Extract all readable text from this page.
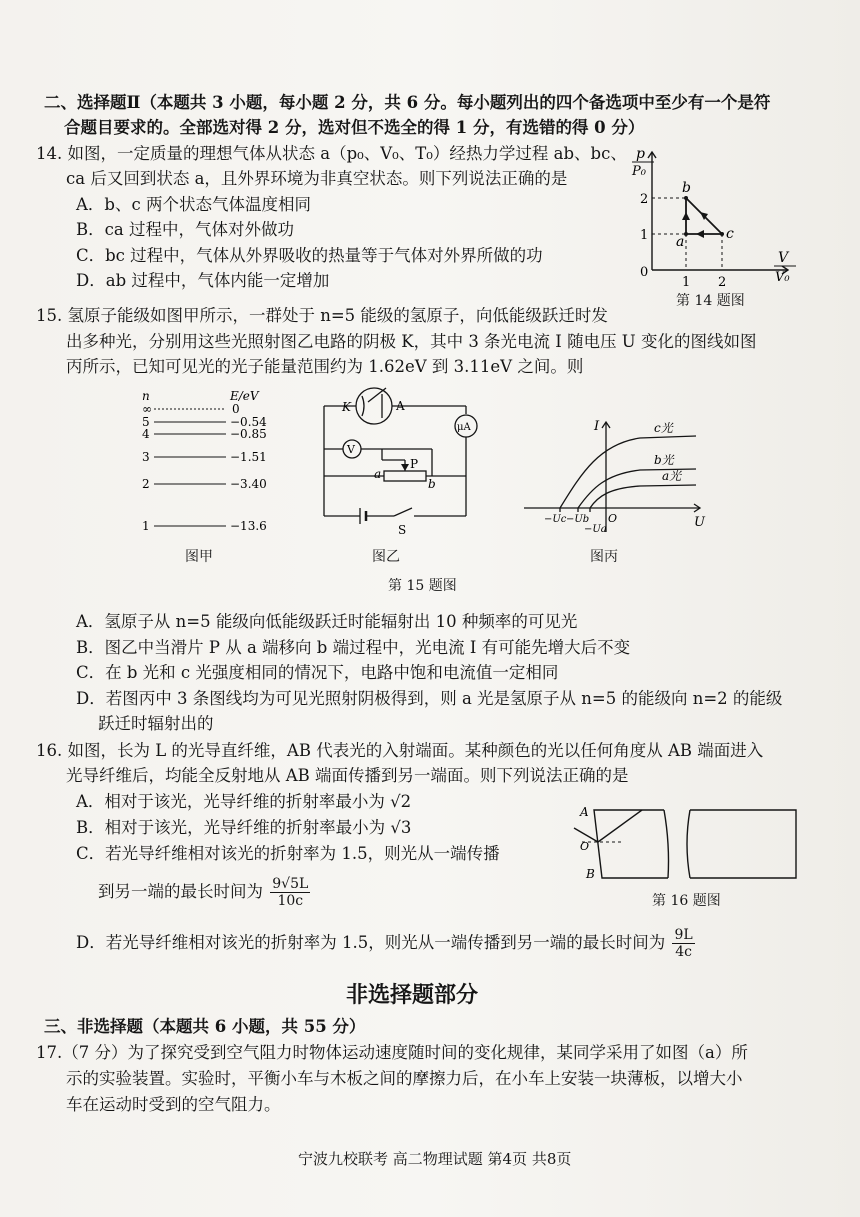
二、选择题Ⅱ（本题共 3 小题，每小题 2 分，共 6 分。每小题列出的四个备选项中至少有一个是符
合题目要求的。全部选对得 2 分，选对但不选全的得 1 分，有选错的得 0 分）
14. 如图，一定质量的理想气体从状态 a（p₀、V₀、T₀）经热力学过程 ab、bc、
ca 后又回到状态 a，且外界环境为非真空状态。则下列说法正确的是
A．b、c 两个状态气体温度相同
B．ca 过程中，气体对外做功
C．bc 过程中，气体从外界吸收的热量等于气体对外界所做的功
D．ab 过程中，气体内能一定增加
p
P₀
V
V₀
2
1
0
1 2
a
b
c
第 14 题图
15. 氢原子能级如图甲所示，一群处于 n=5 能级的氢原子，向低能级跃迁时发
出多种光，分别用这些光照射图乙电路的阴极 K，其中 3 条光电流 I 随电压 U 变化的图线如图
丙所示，已知可见光的光子能量范围约为 1.62eV 到 3.11eV 之间。则
n	E/eV
∞	0
5	−0.54
4	−0.85
3	−1.51
2	−3.40
1	−13.6
图甲
K	A
μA
V
a
P
b
S
图乙
I
U
O
−Uc −Ub
−Ua
c光
b光
a光
图丙
第 15 题图
A．氢原子从 n=5 能级向低能级跃迁时能辐射出 10 种频率的可见光
B．图乙中当滑片 P 从 a 端移向 b 端过程中，光电流 I 有可能先增大后不变
C．在 b 光和 c 光强度相同的情况下，电路中饱和电流值一定相同
D．若图丙中 3 条图线均为可见光照射阴极得到，则 a 光是氢原子从 n=5 的能级向 n=2 的能级
跃迁时辐射出的
16. 如图，长为 L 的光导直纤维，AB 代表光的入射端面。某种颜色的光以任何角度从 AB 端面进入
光导纤维后，均能全反射地从 AB 端面传播到另一端面。则下列说法正确的是
A．相对于该光，光导纤维的折射率最小为 √2
B．相对于该光，光导纤维的折射率最小为 √3
C．若光导纤维相对该光的折射率为 1.5，则光从一端传播
到另一端的最长时间为 $\frac{9√5L}{10c}$
A
B
O
第 16 题图
D．若光导纤维相对该光的折射率为 1.5，则光从一端传播到另一端的最长时间为 $\frac{9L}{4c}$
非选择题部分
三、非选择题（本题共 6 小题，共 55 分）
17.（7 分）为了探究受到空气阻力时物体运动速度随时间的变化规律，某同学采用了如图（a）所
示的实验装置。实验时，平衡小车与木板之间的摩擦力后，在小车上安装一块薄板，以增大小
车在运动时受到的空气阻力。
宁波九校联考 高二物理试题 第4页 共8页
